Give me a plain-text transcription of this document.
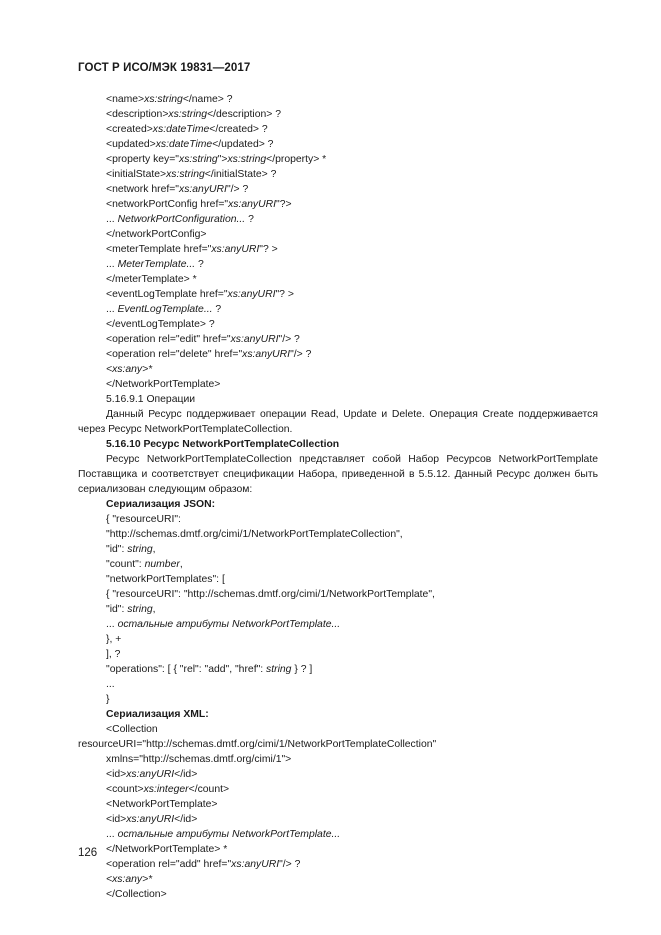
ГОСТ Р ИСО/МЭК 19831—2017
<name>xs:string</name> ?
<description>xs:string</description> ?
<created>xs:dateTime</created> ?
<updated>xs:dateTime</updated> ?
<property key="xs:string">xs:string</property> *
<initialState>xs:string</initialState> ?
<network href="xs:anyURI"/> ?
<networkPortConfig href="xs:anyURI"?>
... NetworkPortConfiguration... ?
</networkPortConfig>
<meterTemplate href="xs:anyURI"? >
... MeterTemplate... ?
</meterTemplate> *
<eventLogTemplate href="xs:anyURI"? >
... EventLogTemplate... ?
</eventLogTemplate> ?
<operation rel="edit" href="xs:anyURI"/> ?
<operation rel="delete" href="xs:anyURI"/> ?
<xs:any>*
</NetworkPortTemplate>
5.16.9.1 Операции
Данный Ресурс поддерживает операции Read, Update и Delete. Операция Create поддерживается
через Ресурс NetworkPortTemplateCollection.
5.16.10 Ресурс NetworkPortTemplateCollection
Ресурс NetworkPortTemplateCollection представляет собой Набор Ресурсов NetworkPortTemplate
Поставщика и соответствует спецификации Набора, приведенной в 5.5.12. Данный Ресурс должен быть
сериализован следующим образом:
Сериализация JSON:
{ "resourceURI":
"http://schemas.dmtf.org/cimi/1/NetworkPortTemplateCollection",
"id": string,
"count": number,
"networkPortTemplates": [
{ "resourceURI": "http://schemas.dmtf.org/cimi/1/NetworkPortTemplate",
"id": string,
... остальные атрибуты NetworkPortTemplate...
}, +
], ?
"operations": [ { "rel": "add", "href": string } ? ]
...
}
Сериализация XML:
<Collection
resourceURI="http://schemas.dmtf.org/cimi/1/NetworkPortTemplateCollection"
xmlns="http://schemas.dmtf.org/cimi/1">
<id>xs:anyURI</id>
<count>xs:integer</count>
<NetworkPortTemplate>
<id>xs:anyURI</id>
... остальные атрибуты NetworkPortTemplate...
</NetworkPortTemplate> *
<operation rel="add" href="xs:anyURI"/> ?
<xs:any>*
</Collection>
126
